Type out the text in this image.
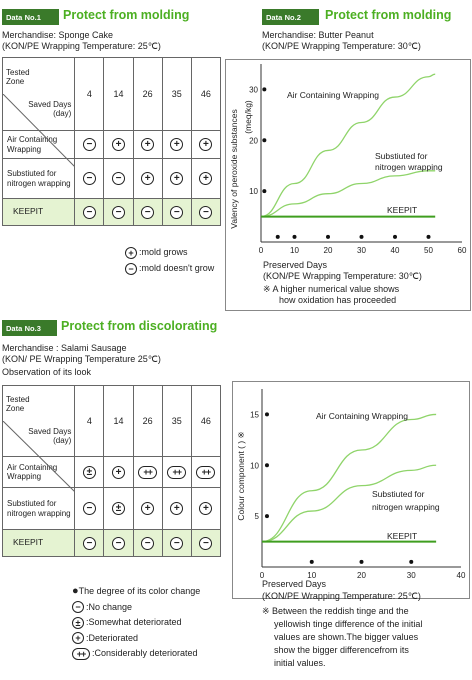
Data No.1	Protect from molding
Merchandise: Sponge Cake
(KON/PE Wrapping Temperature: 25℃)
Saved Days
(day)
Tested
Zone	4	14	26	35	46
Air Containing Wrapping	−	+	+	+	+
Substiuted for nitrogen wrapping	−	−	+	+	+
KEEPIT	−	−	−	−	−
+ :mold grows
− :mold doesn't grow
Data No.2	Protect from molding
Merchandise: Butter Peanut
(KON/PE Wrapping Temperature: 30℃)
0	10	20	30	40	50	60
10
20
30
Air Containing Wrapping
Substiuted for
nitrogen wrapping
KEEPIT
Valency of peroxide substances (meq/kg)
Preserved Days
(KON/PE Wrapping Temperature: 30℃)
※ A higher numerical value shows
how oxidation has proceeded
Data No.3	Protect from discolorating
Merchandise : Salami Sausage
(KON/ PE Wrapping Temperature 25℃)
Observation of its look
Saved Days
(day)
Tested
Zone	4	14	26	35	46
Air Containing Wrapping	±	+	++	++	++
Substiuted for nitrogen wrapping	−	±	+	+	+
KEEPIT	−	−	−	−	−
●The degree of its color change
− :No change
± :Somewhat deteriorated
+ :Deteriorated
++ :Considerably deteriorated
0	10	20	30	40
5
10
15	Air Containing Wrapping
Substiuted for
nitrogen wrapping
KEEPIT
Colour component ( ) ※
Preserved Days
(KON/PE Wrapping Temperature: 25℃)
※ Between the reddish tinge and the
yellowish tinge difference of the initial
values are shown.The bigger values
show the bigger differencefrom its
initial values.
